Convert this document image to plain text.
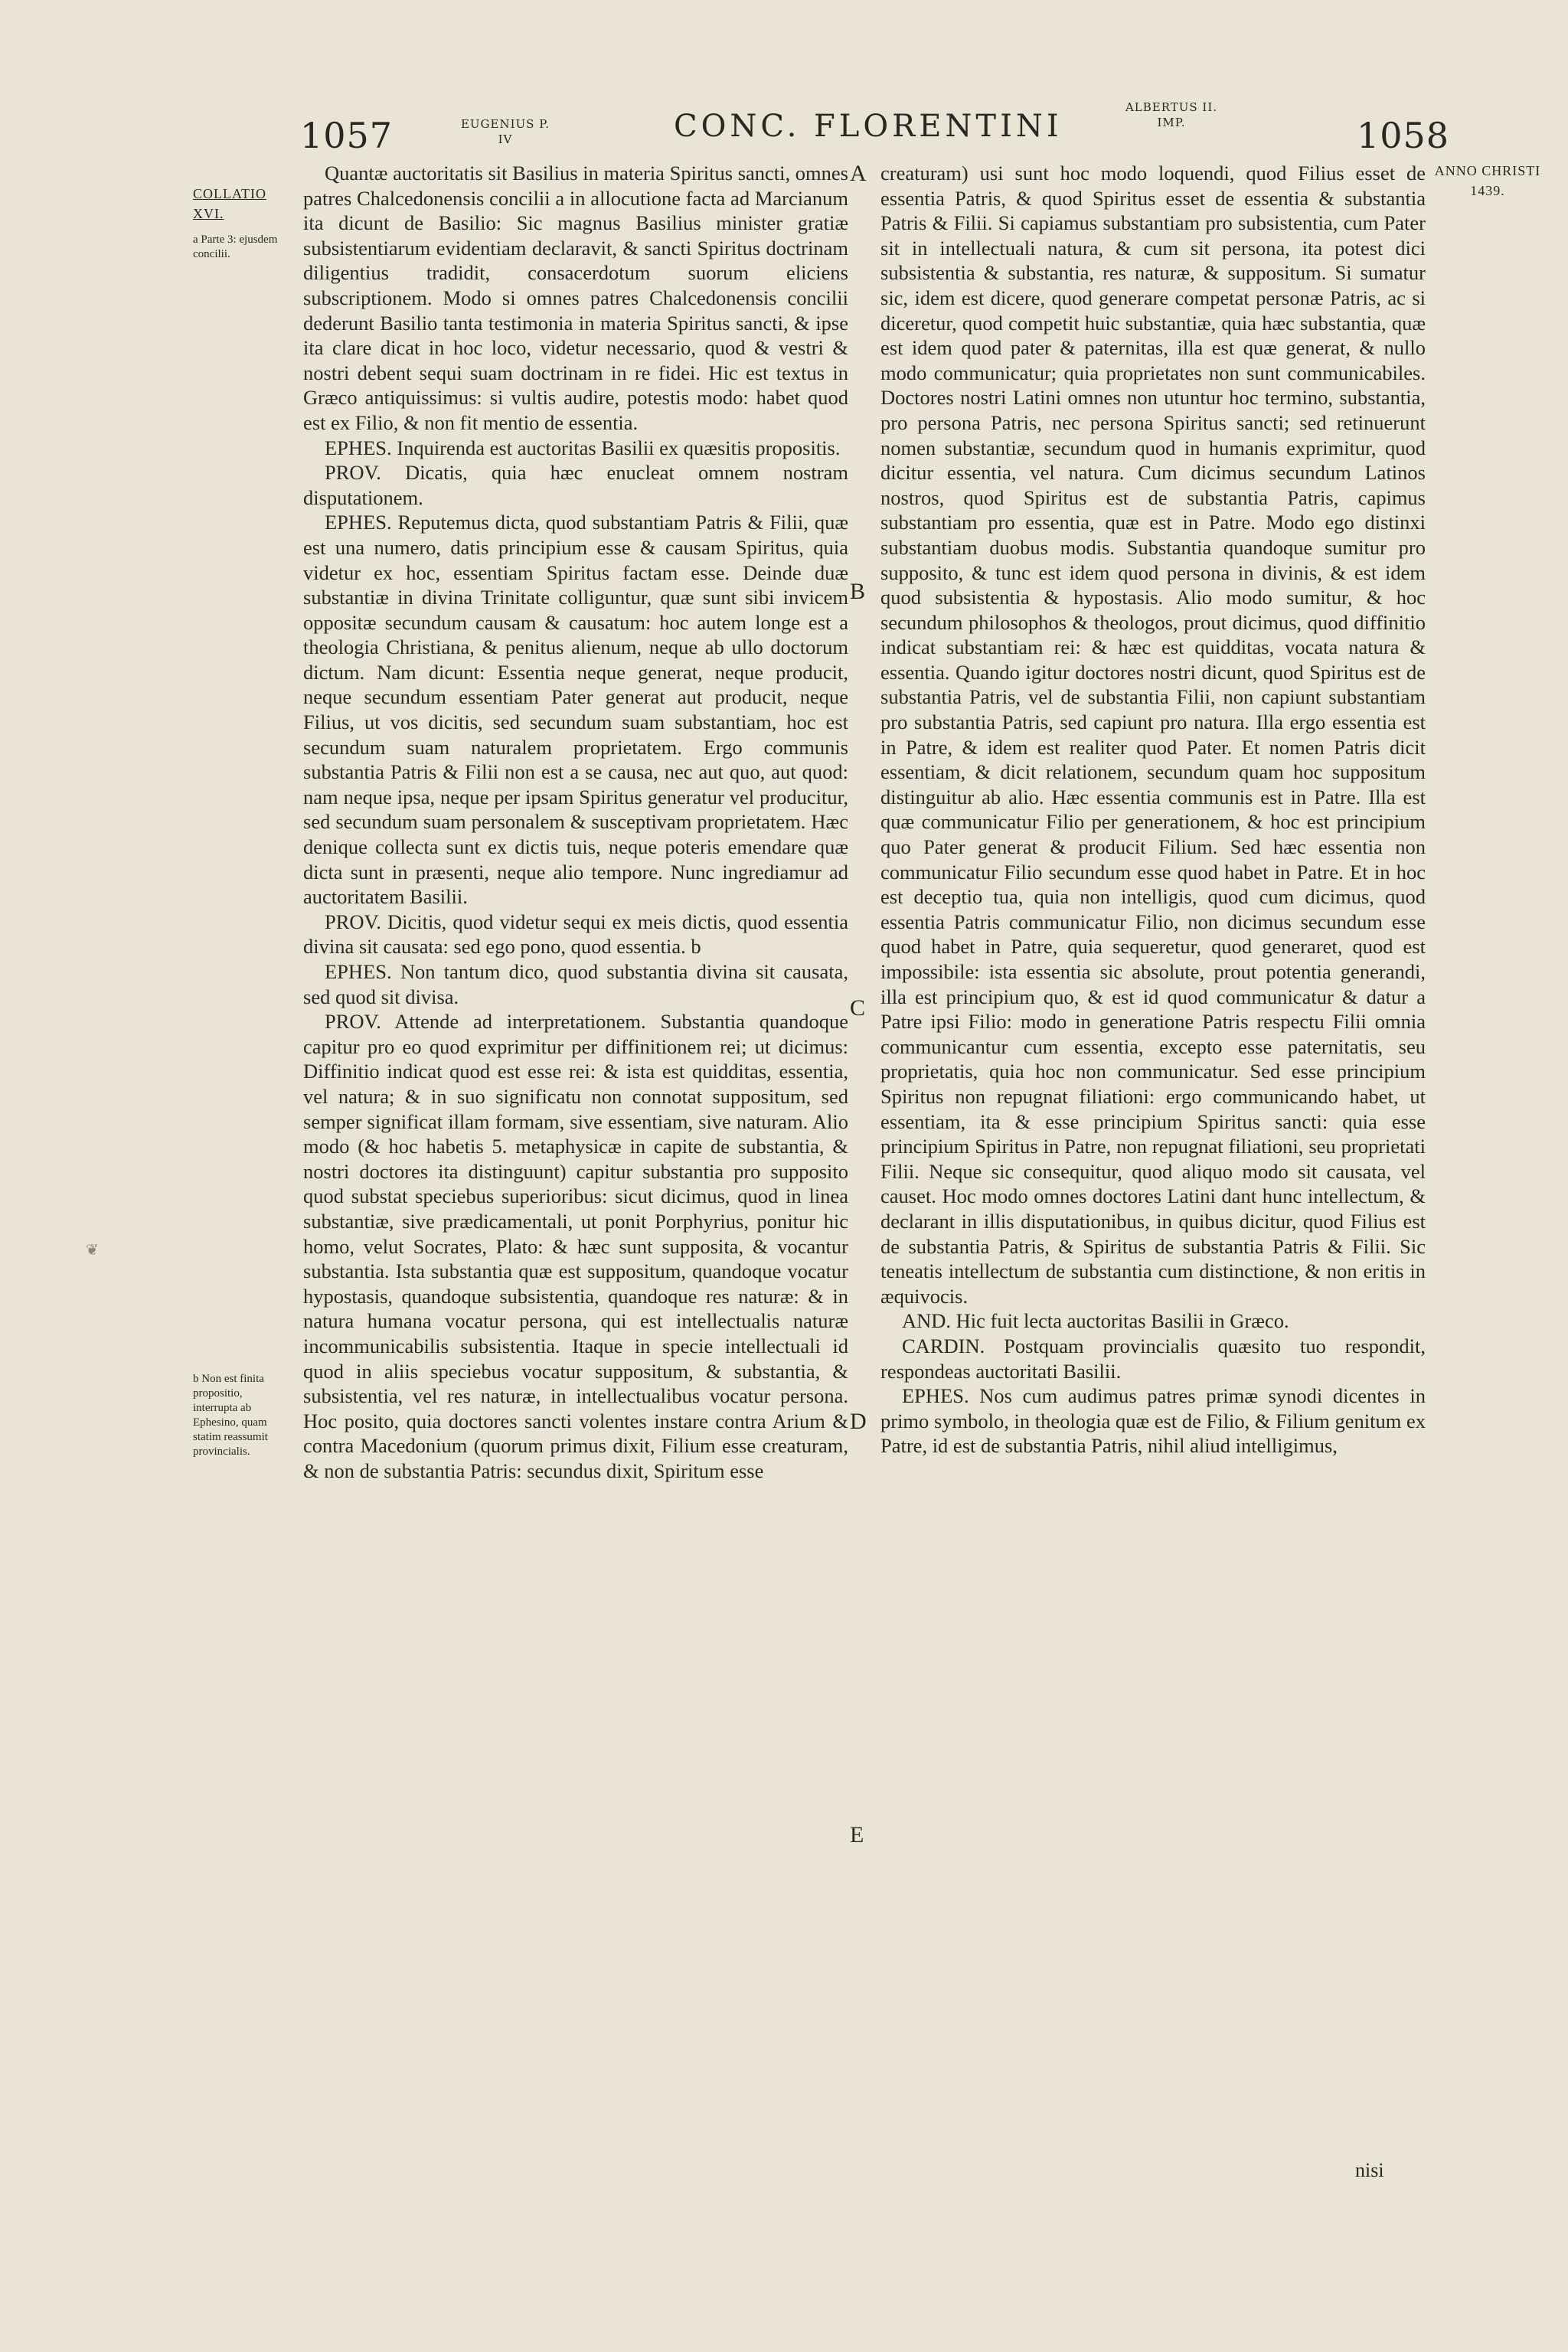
1057	EUGENIUS P. IV	CONC. FLORENTINI
ALBERTUS II. IMP.	1058
COLLATIO XVI.
a Parte 3: ejusdem concilii.
b Non est finita propositio, interrupta ab Ephesino, quam statim reassumit provincialis.
❦
ANNO CHRISTI 1439.
A
B
C
D
E

Quantæ auctoritatis sit Basilius in materia Spiritus sancti, omnes patres Chalcedonensis concilii a in allocutione facta ad Marcianum ita dicunt de Basilio: Sic magnus Basilius minister gratiæ subsistentiarum evidentiam declaravit, & sancti Spiritus doctrinam diligentius tradidit, consacerdotum suorum eliciens subscriptionem. Modo si omnes patres Chalcedonensis concilii dederunt Basilio tanta testimonia in materia Spiritus sancti, & ipse ita clare dicat in hoc loco, videtur necessario, quod & vestri & nostri debent sequi suam doctrinam in re fidei. Hic est textus in Græco antiquissimus: si vultis audire, potestis modo: habet quod est ex Filio, & non fit mentio de essentia.

EPHES. Inquirenda est auctoritas Basilii ex quæsitis propositis.

PROV. Dicatis, quia hæc enucleat omnem nostram disputationem.

EPHES. Reputemus dicta, quod substantiam Patris & Filii, quæ est una numero, datis principium esse & causam Spiritus, quia videtur ex hoc, essentiam Spiritus factam esse. Deinde duæ substantiæ in divina Trinitate colliguntur, quæ sunt sibi invicem oppositæ secundum causam & causatum: hoc autem longe est a theologia Christiana, & penitus alienum, neque ab ullo doctorum dictum. Nam dicunt: Essentia neque generat, neque producit, neque secundum essentiam Pater generat aut producit, neque Filius, ut vos dicitis, sed secundum suam substantiam, hoc est secundum suam naturalem proprietatem. Ergo communis substantia Patris & Filii non est a se causa, nec aut quo, aut quod: nam neque ipsa, neque per ipsam Spiritus generatur vel producitur, sed secundum suam personalem & susceptivam proprietatem. Hæc denique collecta sunt ex dictis tuis, neque poteris emendare quæ dicta sunt in præsenti, neque alio tempore. Nunc ingrediamur ad auctoritatem Basilii.

PROV. Dicitis, quod videtur sequi ex meis dictis, quod essentia divina sit causata: sed ego pono, quod essentia. b

EPHES. Non tantum dico, quod substantia divina sit causata, sed quod sit divisa.

PROV. Attende ad interpretationem. Substantia quandoque capitur pro eo quod exprimitur per diffinitionem rei; ut dicimus: Diffinitio indicat quod est esse rei: & ista est quidditas, essentia, vel natura; & in suo significatu non connotat suppositum, sed semper significat illam formam, sive essentiam, sive naturam. Alio modo (& hoc habetis 5. metaphysicæ in capite de substantia, & nostri doctores ita distinguunt) capitur substantia pro supposito quod substat speciebus superioribus: sicut dicimus, quod in linea substantiæ, sive prædicamentali, ut ponit Porphyrius, ponitur hic homo, velut Socrates, Plato: & hæc sunt supposita, & vocantur substantia. Ista substantia quæ est suppositum, quandoque vocatur hypostasis, quandoque subsistentia, quandoque res naturæ: & in natura humana vocatur persona, qui est intellectualis naturæ incommunicabilis subsistentia. Itaque in specie intellectuali id quod in aliis speciebus vocatur suppositum, & substantia, & subsistentia, vel res naturæ, in intellectualibus vocatur persona. Hoc posito, quia doctores sancti volentes instare contra Arium & contra Macedonium (quorum primus dixit, Filium esse creaturam, & non de substantia Patris: secundus dixit, Spiritum esse

creaturam) usi sunt hoc modo loquendi, quod Filius esset de essentia Patris, & quod Spiritus esset de essentia & substantia Patris & Filii. Si capiamus substantiam pro subsistentia, cum Pater sit in intellectuali natura, & cum sit persona, ita potest dici subsistentia & substantia, res naturæ, & suppositum. Si sumatur sic, idem est dicere, quod generare competat personæ Patris, ac si diceretur, quod competit huic substantiæ, quia hæc substantia, quæ est idem quod pater & paternitas, illa est quæ generat, & nullo modo communicatur; quia proprietates non sunt communicabiles. Doctores nostri Latini omnes non utuntur hoc termino, substantia, pro persona Patris, nec persona Spiritus sancti; sed retinuerunt nomen substantiæ, secundum quod in humanis exprimitur, quod dicitur essentia, vel natura. Cum dicimus secundum Latinos nostros, quod Spiritus est de substantia Patris, capimus substantiam pro essentia, quæ est in Patre. Modo ego distinxi substantiam duobus modis. Substantia quandoque sumitur pro supposito, & tunc est idem quod persona in divinis, & est idem quod subsistentia & hypostasis. Alio modo sumitur, & hoc secundum philosophos & theologos, prout dicimus, quod diffinitio indicat substantiam rei: & hæc est quidditas, vocata natura & essentia. Quando igitur doctores nostri dicunt, quod Spiritus est de substantia Patris, vel de substantia Filii, non capiunt substantiam pro substantia Patris, sed capiunt pro natura. Illa ergo essentia est in Patre, & idem est realiter quod Pater. Et nomen Patris dicit essentiam, & dicit relationem, secundum quam hoc suppositum distinguitur ab alio. Hæc essentia communis est in Patre. Illa est quæ communicatur Filio per generationem, & hoc est principium quo Pater generat & producit Filium. Sed hæc essentia non communicatur Filio secundum esse quod habet in Patre. Et in hoc est deceptio tua, quia non intelligis, quod cum dicimus, quod essentia Patris communicatur Filio, non dicimus secundum esse quod habet in Patre, quia sequeretur, quod generaret, quod est impossibile: ista essentia sic absolute, prout potentia generandi, illa est principium quo, & est id quod communicatur & datur a Patre ipsi Filio: modo in generatione Patris respectu Filii omnia communicantur cum essentia, excepto esse paternitatis, seu proprietatis, quia hoc non communicatur. Sed esse principium Spiritus non repugnat filiationi: ergo communicando habet, ut essentiam, ita & esse principium Spiritus sancti: quia esse principium Spiritus in Patre, non repugnat filiationi, seu proprietati Filii. Neque sic consequitur, quod aliquo modo sit causata, vel causet. Hoc modo omnes doctores Latini dant hunc intellectum, & declarant in illis disputationibus, in quibus dicitur, quod Filius est de substantia Patris, & Spiritus de substantia Patris & Filii. Sic teneatis intellectum de substantia cum distinctione, & non eritis in æquivocis.

AND. Hic fuit lecta auctoritas Basilii in Græco.

CARDIN. Postquam provincialis quæsito tuo respondit, respondeas auctoritati Basilii.

EPHES. Nos cum audimus patres primæ synodi dicentes in primo symbolo, in theologia quæ est de Filio, & Filium genitum ex Patre, id est de substantia Patris, nihil aliud intelligimus,

nisi
